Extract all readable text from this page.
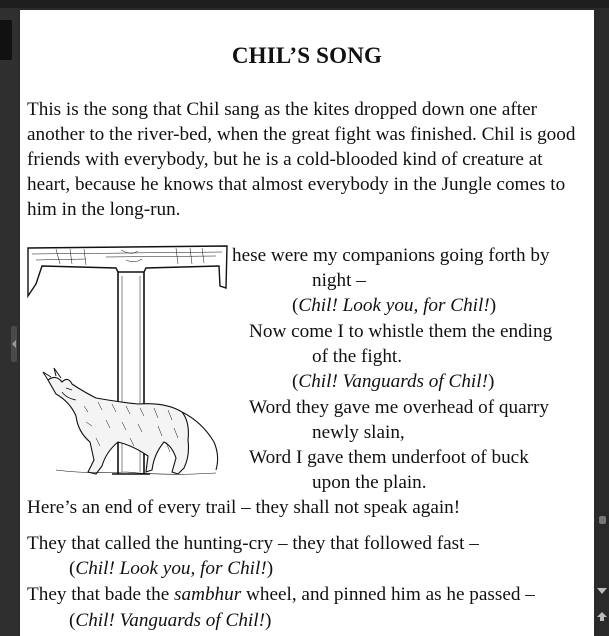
CHIL’S SONG
This is the song that Chil sang as the kites dropped down one after another to the river-bed, when the great fight was finished. Chil is good friends with everybody, but he is a cold-blooded kind of creature at heart, because he knows that almost everybody in the Jungle comes to him in the long-run.
hese were my companions going forth by
night –
(Chil! Look you, for Chil!)
Now come I to whistle them the ending
of the fight.
(Chil! Vanguards of Chil!)
Word they gave me overhead of quarry
newly slain,
Word I gave them underfoot of buck
upon the plain.
Here’s an end of every trail – they shall not speak again!
They that called the hunting-cry – they that followed fast –
(Chil! Look you, for Chil!)
They that bade the sambhur wheel, and pinned him as he passed –
(Chil! Vanguards of Chil!)
